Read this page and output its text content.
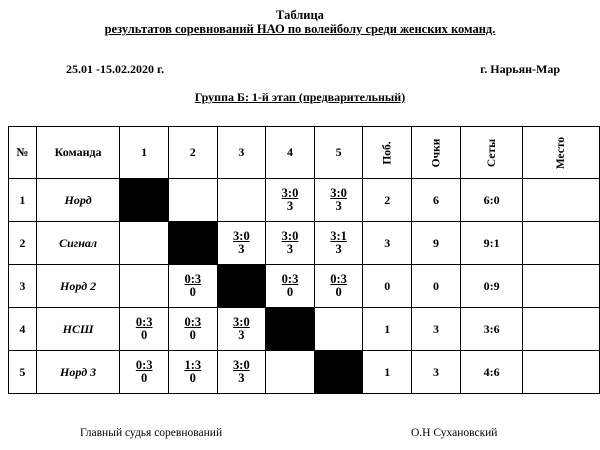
Таблица
результатов соревнований НАО по волейболу среди женских команд.
25.01 -15.02.2020 г.	г. Нарьян-Мар
Группа Б: 1-й этап (предварительный)
№	Команда	1	2	3	4	5	Поб.	Очки	Сеты	Место
1	Норд				$\frac{3:0}{3}$	$\frac{3:0}{3}$	2	6	6:0	
2	Сигнал			$\frac{3:0}{3}$	$\frac{3:0}{3}$	$\frac{3:1}{3}$	3	9	9:1	
3	Норд 2		$\frac{0:3}{0}$		$\frac{0:3}{0}$	$\frac{0:3}{0}$	0	0	0:9	
4	НСШ	$\frac{0:3}{0}$	$\frac{0:3}{0}$	$\frac{3:0}{3}$			1	3	3:6	
5	Норд 3	$\frac{0:3}{0}$	$\frac{1:3}{0}$	$\frac{3:0}{3}$			1	3	4:6	
Главный судья соревнований	О.Н Сухановский
